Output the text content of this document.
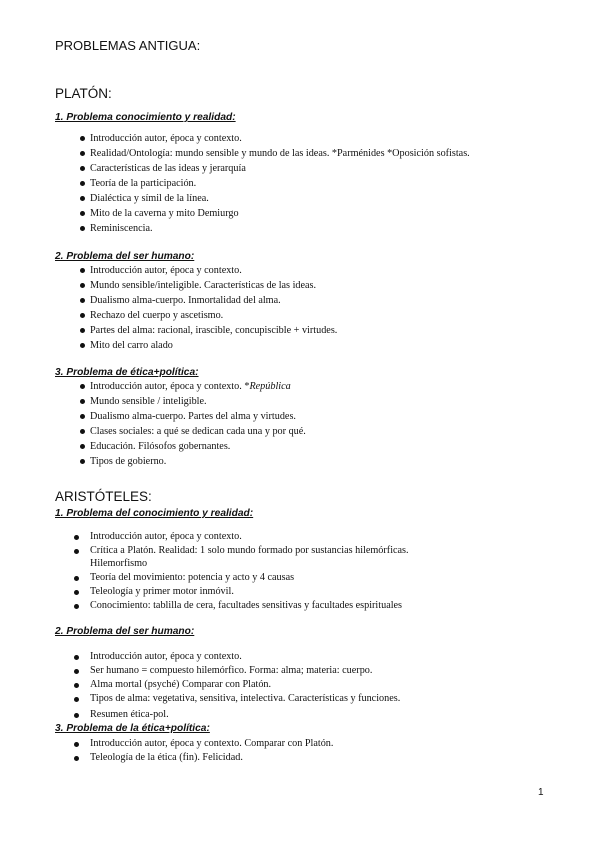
PROBLEMAS ANTIGUA:
PLATÓN:
1. Problema conocimiento y realidad:
Introducción autor, época y contexto.
Realidad/Ontología: mundo sensible y mundo de las ideas. *Parménides *Oposición sofistas.
Características de las ideas y jerarquía
Teoría de la participación.
Dialéctica y símil de la línea.
Mito de la caverna y mito Demiurgo
Reminiscencia.
2. Problema del ser humano:
Introducción autor, época y contexto.
Mundo sensible/inteligible. Características de las ideas.
Dualismo alma-cuerpo. Inmortalidad del alma.
Rechazo del cuerpo y ascetismo.
Partes del alma: racional, irascible, concupiscible + virtudes.
Mito del carro alado
3. Problema de ética+política:
Introducción autor, época y contexto. *República
Mundo sensible / inteligible.
Dualismo alma-cuerpo. Partes del alma y virtudes.
Clases sociales: a qué se dedican cada una y por qué.
Educación. Filósofos gobernantes.
Tipos de gobierno.
ARISTÓTELES:
1. Problema del conocimiento y realidad:
Introducción autor, época y contexto.
Crítica a Platón. Realidad: 1 solo mundo formado por sustancias hilemórficas.
Hilemorfismo
Teoría del movimiento: potencia y acto y 4 causas
Teleología y primer motor inmóvil.
Conocimiento: tablilla de cera, facultades sensitivas y facultades espirituales
2. Problema del ser humano:
Introducción autor, época y contexto.
Ser humano = compuesto hilemórfico. Forma: alma; materia: cuerpo.
Alma mortal (psyché) Comparar con Platón.
Tipos de alma: vegetativa, sensitiva, intelectiva. Características y funciones.
Resumen ética-pol.
3. Problema de la ética+política:
Introducción autor, época y contexto. Comparar con Platón.
Teleología de la ética (fin). Felicidad.
1
